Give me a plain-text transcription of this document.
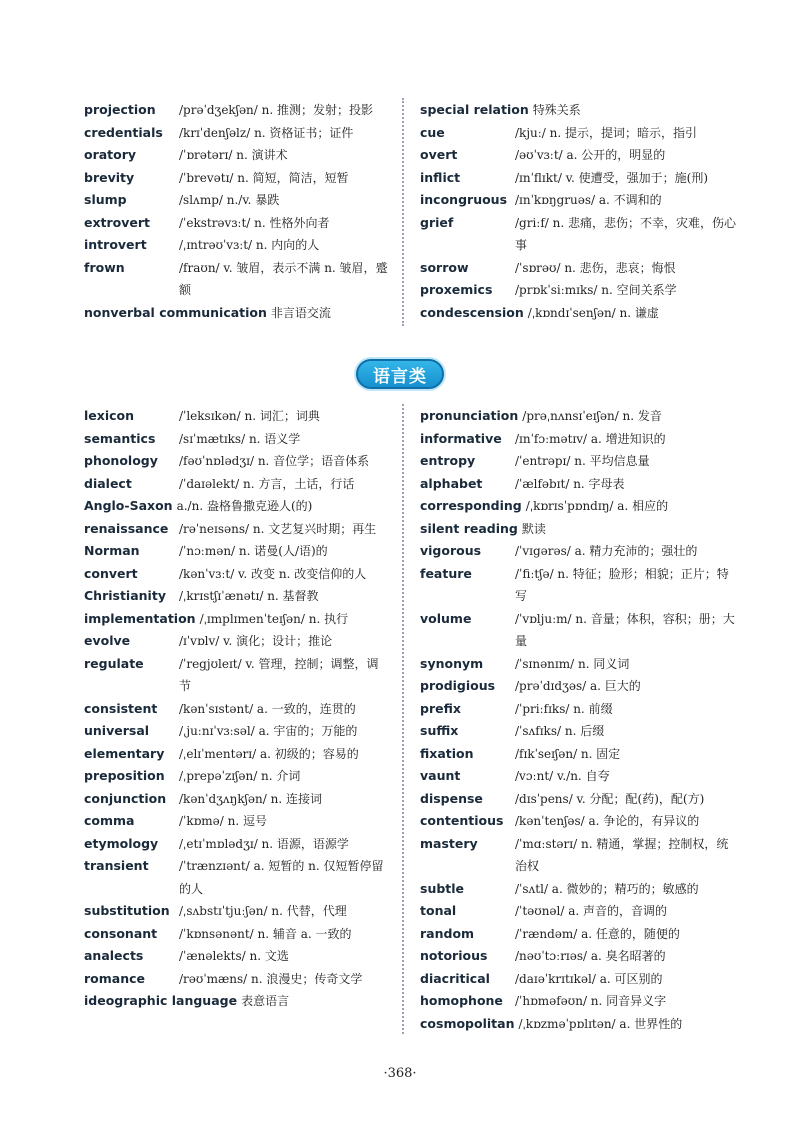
projection	/prəˈdʒekʃən/ n. 推测；发射；投影
credentials	/krɪˈdenʃəlz/ n. 资格证书；证件
oratory	/ˈɒrətərɪ/ n. 演讲术
brevity	/ˈbrevətɪ/ n. 简短，简洁，短暂
slump	/slʌmp/ n./v. 暴跌
extrovert	/ˈekstrəvɜːt/ n. 性格外向者
introvert	/ˌɪntrəʊˈvɜːt/ n. 内向的人
frown	/fraʊn/ v. 皱眉，表示不满 n. 皱眉，蹙额
nonverbal communication 非言语交流
special relation 特殊关系
cue	/kjuː/ n. 提示，提词；暗示，指引
overt	/əʊˈvɜːt/ a. 公开的，明显的
inflict	/ɪnˈflɪkt/ v. 使遭受，强加于；施(刑)
incongruous /ɪnˈkɒŋgruəs/ a. 不调和的
grief	/griːf/ n. 悲痛，悲伤；不幸，灾难，伤心事
sorrow	/ˈsɒrəʊ/ n. 悲伤，悲哀；悔恨
proxemics	/prɒkˈsiːmɪks/ n. 空间关系学
condescension /ˌkɒndɪˈsenʃən/ n. 谦虚
语言类
lexicon	/ˈleksɪkən/ n. 词汇；词典
semantics	/sɪˈmætɪks/ n. 语义学
phonology	/fəʊˈnɒlədʒɪ/ n. 音位学；语音体系
dialect	/ˈdaɪəlekt/ n. 方言，土话，行话
Anglo-Saxon a./n. 盎格鲁撒克逊人(的)
renaissance /rəˈneɪsəns/ n. 文艺复兴时期；再生
Norman	/ˈnɔːmən/ n. 诺曼(人/语)的
convert	/kənˈvɜːt/ v. 改变 n. 改变信仰的人
Christianity	/ˌkrɪstʃɪˈænətɪ/ n. 基督教
implementation /ˌɪmplɪmenˈteɪʃən/ n. 执行
evolve	/ɪˈvɒlv/ v. 演化；设计；推论
regulate	/ˈregjʊleɪt/ v. 管理，控制；调整，调节
consistent	/kənˈsɪstənt/ a. 一致的，连贯的
universal	/ˌjuːnɪˈvɜːsəl/ a. 宇宙的；万能的
elementary	/ˌelɪˈmentərɪ/ a. 初级的；容易的
preposition	/ˌprepəˈzɪʃən/ n. 介词
conjunction	/kənˈdʒʌŋkʃən/ n. 连接词
comma	/ˈkɒmə/ n. 逗号
etymology	/ˌetɪˈmɒlədʒɪ/ n. 语源，语源学
transient	/ˈtrænzɪənt/ a. 短暂的 n. 仅短暂停留的人
substitution /ˌsʌbstɪˈtjuːʃən/ n. 代替，代理
consonant	/ˈkɒnsənənt/ n. 辅音 a. 一致的
analects	/ˈænəlekts/ n. 文选
romance	/rəʊˈmæns/ n. 浪漫史；传奇文学
ideographic language 表意语言
pronunciation /prəˌnʌnsɪˈeɪʃən/ n. 发音
informative	/ɪnˈfɔːmətɪv/ a. 增进知识的
entropy	/ˈentrəpɪ/ n. 平均信息量
alphabet	/ˈælfəbɪt/ n. 字母表
corresponding /ˌkɒrɪsˈpɒndɪŋ/ a. 相应的
silent reading 默读
vigorous	/ˈvɪgərəs/ a. 精力充沛的；强壮的
feature	/ˈfiːtʃə/ n. 特征；脸形；相貌；正片；特写
volume	/ˈvɒljuːm/ n. 音量；体积，容积；册；大量
synonym	/ˈsɪnənɪm/ n. 同义词
prodigious	/prəˈdɪdʒəs/ a. 巨大的
prefix	/ˈpriːfɪks/ n. 前缀
suffix	/ˈsʌfɪks/ n. 后缀
fixation	/fɪkˈseɪʃən/ n. 固定
vaunt	/vɔːnt/ v./n. 自夸
dispense	/dɪsˈpens/ v. 分配；配(药)，配(方)
contentious /kənˈtenʃəs/ a. 争论的，有异议的
mastery	/ˈmɑːstərɪ/ n. 精通，掌握；控制权，统治权
subtle	/ˈsʌtl/ a. 微妙的；精巧的；敏感的
tonal	/ˈtəʊnəl/ a. 声音的，音调的
random	/ˈrændəm/ a. 任意的，随便的
notorious	/nəʊˈtɔːrɪəs/ a. 臭名昭著的
diacritical	/daɪəˈkrɪtɪkəl/ a. 可区别的
homophone	/ˈhɒməfəʊn/ n. 同音异义字
cosmopolitan /ˌkɒzməˈpɒlɪtən/ a. 世界性的
·368·
